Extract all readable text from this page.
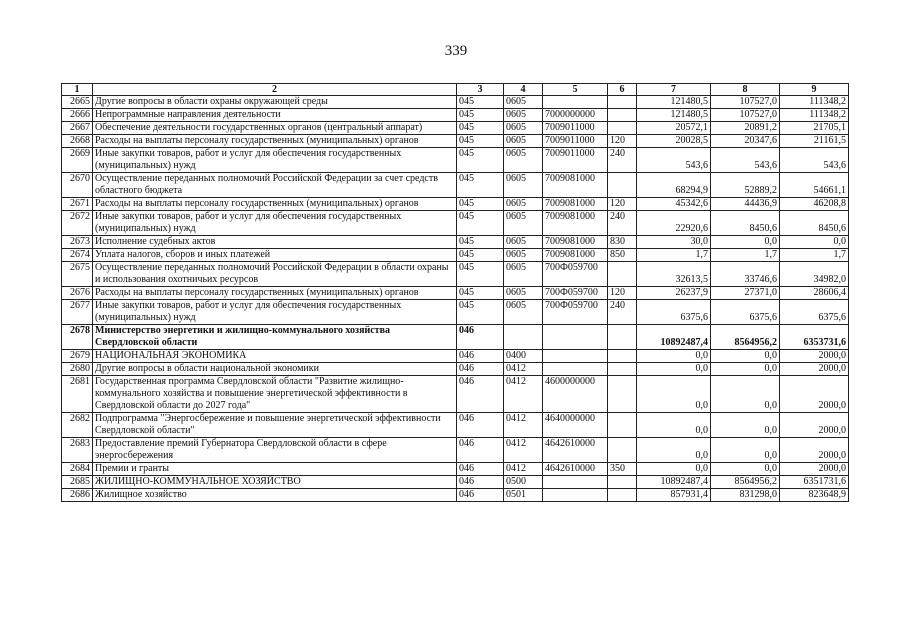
339
1	2	3	4	5	6	7	8	9
2665	Другие вопросы в области охраны окружающей среды	045	0605			121480,5	107527,0	111348,2
2666	Непрограммные направления деятельности	045	0605	7000000000		121480,5	107527,0	111348,2
2667	Обеспечение деятельности государственных органов (центральный аппарат)	045	0605	7009011000		20572,1	20891,2	21705,1
2668	Расходы на выплаты персоналу государственных (муниципальных) органов	045	0605	7009011000	120	20028,5	20347,6	21161,5
2669	Иные закупки товаров, работ и услуг для обеспечения государственных (муниципальных) нужд	045	0605	7009011000	240	543,6	543,6	543,6
2670	Осуществление переданных полномочий Российской Федерации за счет средств областного бюджета	045	0605	7009081000		68294,9	52889,2	54661,1
2671	Расходы на выплаты персоналу государственных (муниципальных) органов	045	0605	7009081000	120	45342,6	44436,9	46208,8
2672	Иные закупки товаров, работ и услуг для обеспечения государственных (муниципальных) нужд	045	0605	7009081000	240	22920,6	8450,6	8450,6
2673	Исполнение судебных актов	045	0605	7009081000	830	30,0	0,0	0,0
2674	Уплата налогов, сборов и иных платежей	045	0605	7009081000	850	1,7	1,7	1,7
2675	Осуществление переданных полномочий Российской Федерации в области охраны и использования охотничьих ресурсов	045	0605	700Ф059700		32613,5	33746,6	34982,0
2676	Расходы на выплаты персоналу государственных (муниципальных) органов	045	0605	700Ф059700	120	26237,9	27371,0	28606,4
2677	Иные закупки товаров, работ и услуг для обеспечения государственных (муниципальных) нужд	045	0605	700Ф059700	240	6375,6	6375,6	6375,6
2678	Министерство энергетики и жилищно-коммунального хозяйства Свердловской области	046				10892487,4	8564956,2	6353731,6
2679	НАЦИОНАЛЬНАЯ ЭКОНОМИКА	046	0400			0,0	0,0	2000,0
2680	Другие вопросы в области национальной экономики	046	0412			0,0	0,0	2000,0
2681	Государственная программа Свердловской области "Развитие жилищно-коммунального хозяйства и повышение энергетической эффективности в Свердловской области до 2027 года"	046	0412	4600000000		0,0	0,0	2000,0
2682	Подпрограмма "Энергосбережение и повышение энергетической эффективности Свердловской области"	046	0412	4640000000		0,0	0,0	2000,0
2683	Предоставление премий Губернатора Свердловской области в сфере энергосбережения	046	0412	4642610000		0,0	0,0	2000,0
2684	Премии и гранты	046	0412	4642610000	350	0,0	0,0	2000,0
2685	ЖИЛИЩНО-КОММУНАЛЬНОЕ ХОЗЯЙСТВО	046	0500			10892487,4	8564956,2	6351731,6
2686	Жилищное хозяйство	046	0501			857931,4	831298,0	823648,9
